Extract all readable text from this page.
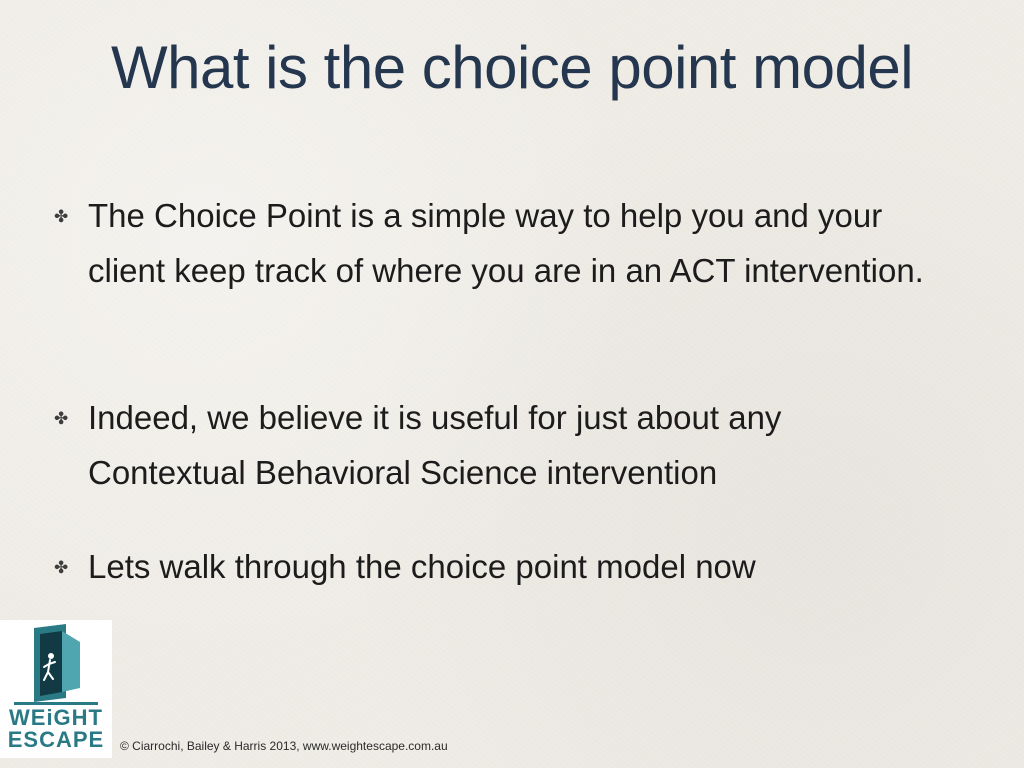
What is the choice point model
✤ The Choice Point is a simple way to help you and your client keep track of where you are in an ACT intervention.
✤ Indeed, we believe it is useful for just about any Contextual Behavioral Science intervention
✤ Lets walk through the choice point model now
WEiGHT
ESCAPE	© Ciarrochi, Bailey & Harris 2013, www.weightescape.com.au
